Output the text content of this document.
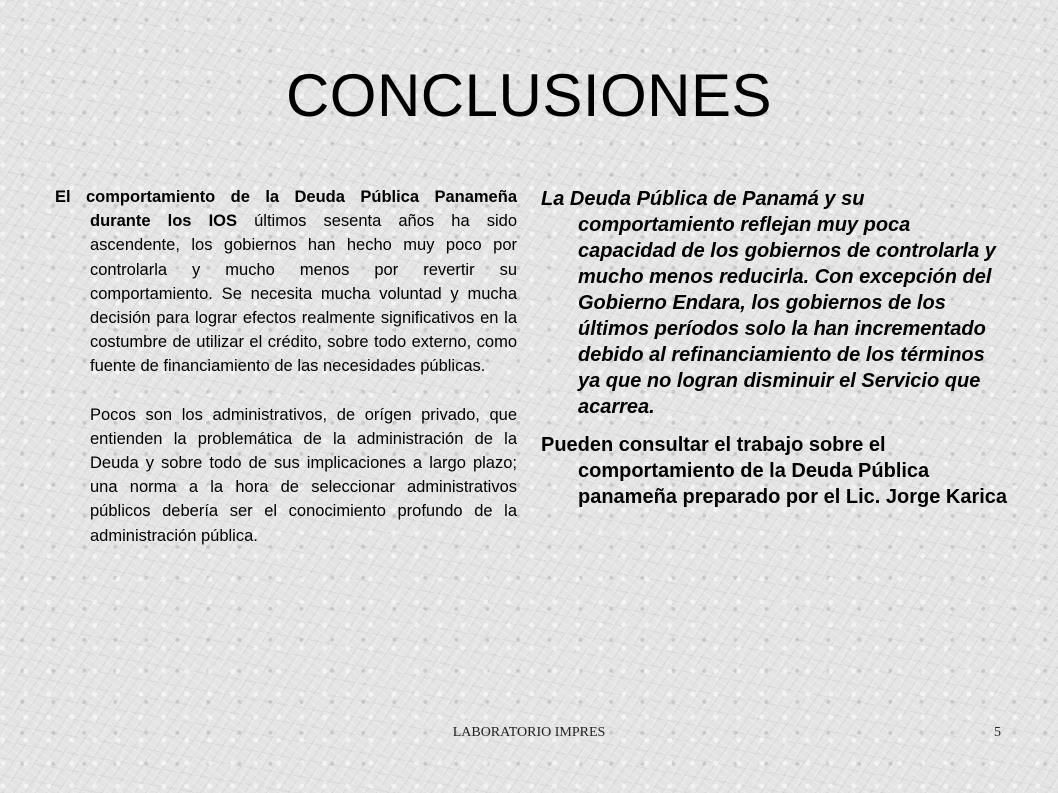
CONCLUSIONES

El comportamiento de la Deuda Pública Panameña durante los IOS últimos sesenta años ha sido ascendente, los gobiernos han hecho muy poco por controlarla y mucho menos por revertir su comportamiento. Se necesita mucha voluntad y mucha decisión para lograr efectos realmente significativos en la costumbre de utilizar el crédito, sobre todo externo, como fuente de financiamiento de las necesidades públicas.

Pocos son los administrativos, de orígen privado, que entienden la problemática de la administración de la Deuda y sobre todo de sus implicaciones a largo plazo; una norma a la hora de seleccionar administrativos públicos debería ser el conocimiento profundo de la administración pública.

La Deuda Pública de Panamá y su comportamiento reflejan muy poca capacidad de los gobiernos de controlarla y mucho menos reducirla. Con excepción del Gobierno Endara, los gobiernos de los últimos períodos solo la han incrementado debido al refinanciamiento de los términos ya que no logran disminuir el Servicio que acarrea.

Pueden consultar el trabajo sobre el comportamiento de la Deuda Pública panameña preparado por el Lic. Jorge Karica

LABORATORIO IMPRES	5
